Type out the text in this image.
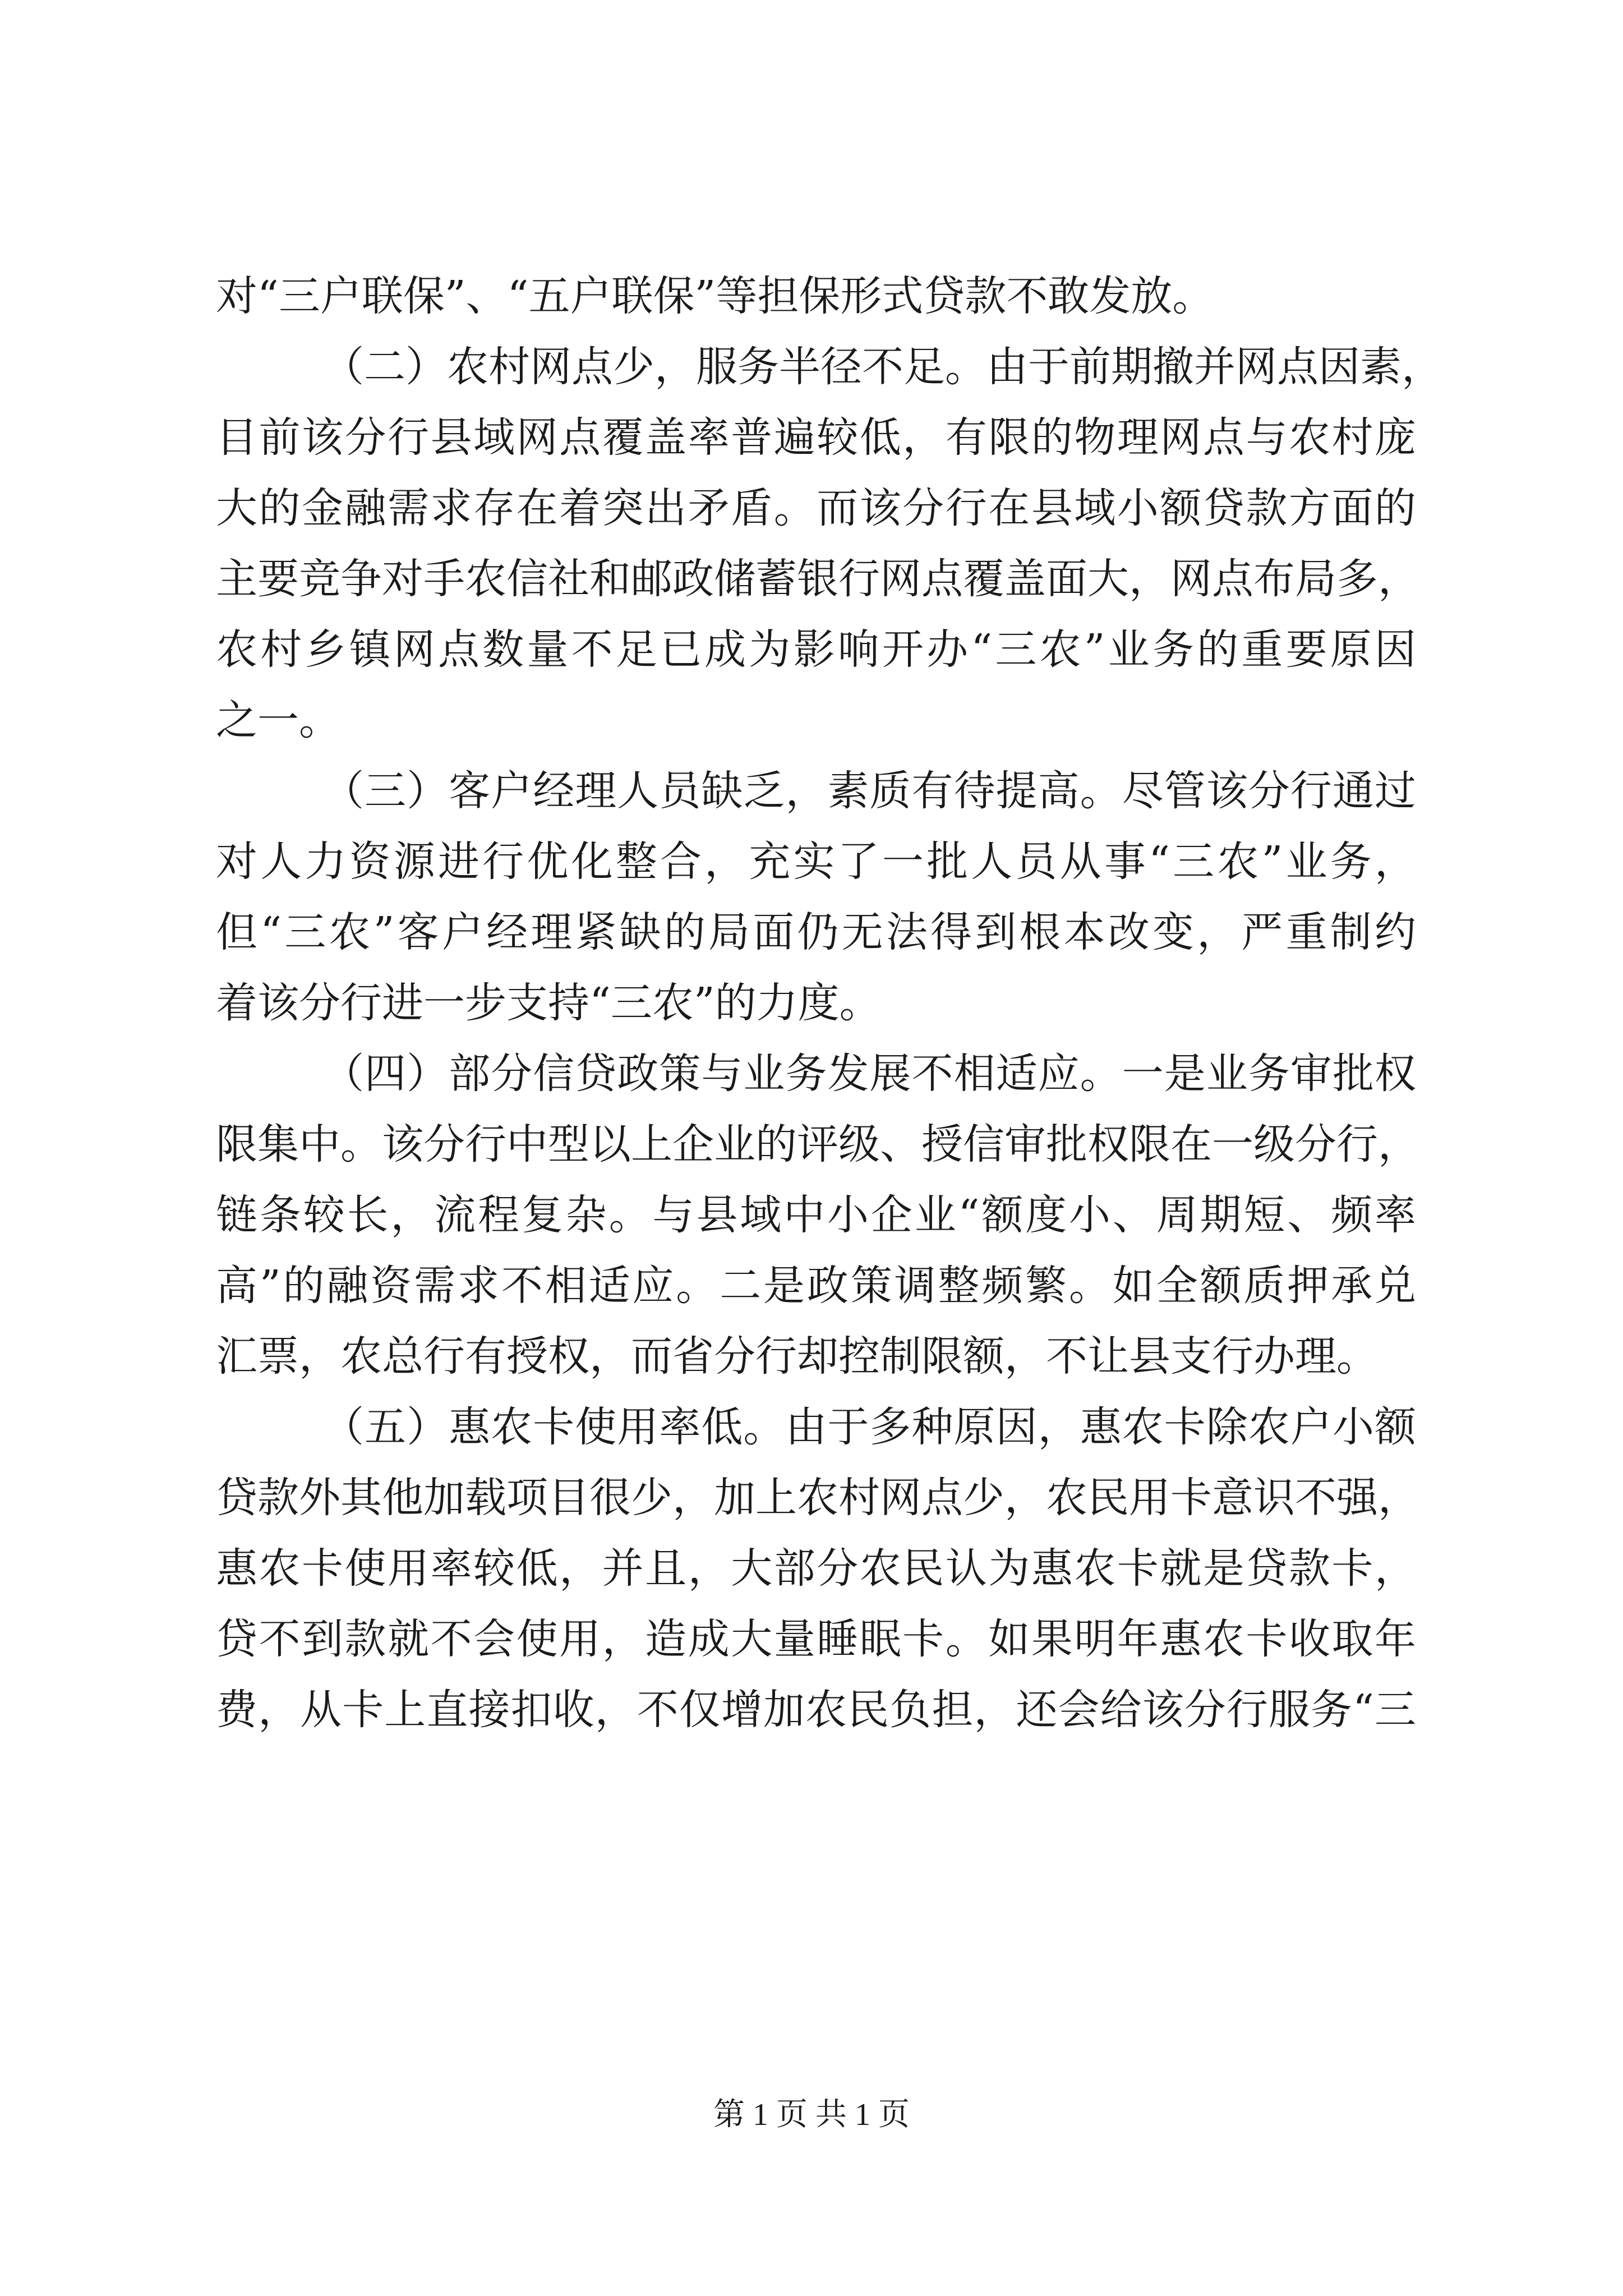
对“三户联保”、“五户联保”等担保形式贷款不敢发放。
（二）农村网点少，服务半径不足。由于前期撤并网点因素，
目前该分行县域网点覆盖率普遍较低，有限的物理网点与农村庞
大的金融需求存在着突出矛盾。而该分行在县域小额贷款方面的
主要竞争对手农信社和邮政储蓄银行网点覆盖面大，网点布局多，
农村乡镇网点数量不足已成为影响开办“三农”业务的重要原因
之一。
（三）客户经理人员缺乏，素质有待提高。尽管该分行通过
对人力资源进行优化整合，充实了一批人员从事“三农”业务，
但“三农”客户经理紧缺的局面仍无法得到根本改变，严重制约
着该分行进一步支持“三农”的力度。
（四）部分信贷政策与业务发展不相适应。一是业务审批权
限集中。该分行中型以上企业的评级、授信审批权限在一级分行，
链条较长，流程复杂。与县域中小企业“额度小、周期短、频率
高”的融资需求不相适应。二是政策调整频繁。如全额质押承兑
汇票，农总行有授权，而省分行却控制限额，不让县支行办理。
（五）惠农卡使用率低。由于多种原因，惠农卡除农户小额
贷款外其他加载项目很少，加上农村网点少，农民用卡意识不强，
惠农卡使用率较低，并且，大部分农民认为惠农卡就是贷款卡，
贷不到款就不会使用，造成大量睡眠卡。如果明年惠农卡收取年
费，从卡上直接扣收，不仅增加农民负担，还会给该分行服务“三
第 1 页 共 1 页
